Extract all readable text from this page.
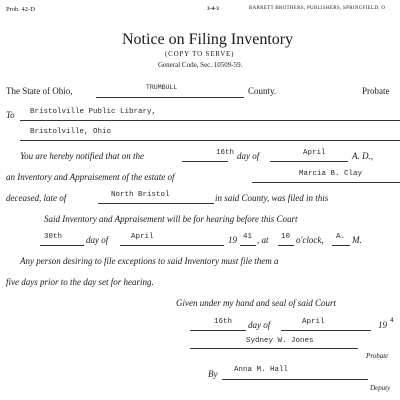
Prob. 42-D	3-4-3	BARRETT BROTHERS, PUBLISHERS, SPRINGFIELD, O
Notice on Filing Inventory
(COPY TO SERVE)
General Code, Sec. 10509-59.
The State of Ohio,	TRUMBULL	County.	Probate
To Bristolville Public Library,
Bristolville, Ohio
You are hereby notified that on the	16th day of	April	A. D.,
an Inventory and Appraisement of the estate of	Marcia B. Clay
deceased, late of	North Bristol	in said County, was filed in this
Said Inventory and Appraisement will be for hearing before this Court
30th	day of	April	19 41 , at 10 o'clock, A. M.
Any person desiring to file exceptions to said Inventory must file them a
five days prior to the day set for hearing.
Given under my hand and seal of said Court
16th day of	April	19 4
Sydney W. Jones
Probate
By Anna M. Hall
Deputy
